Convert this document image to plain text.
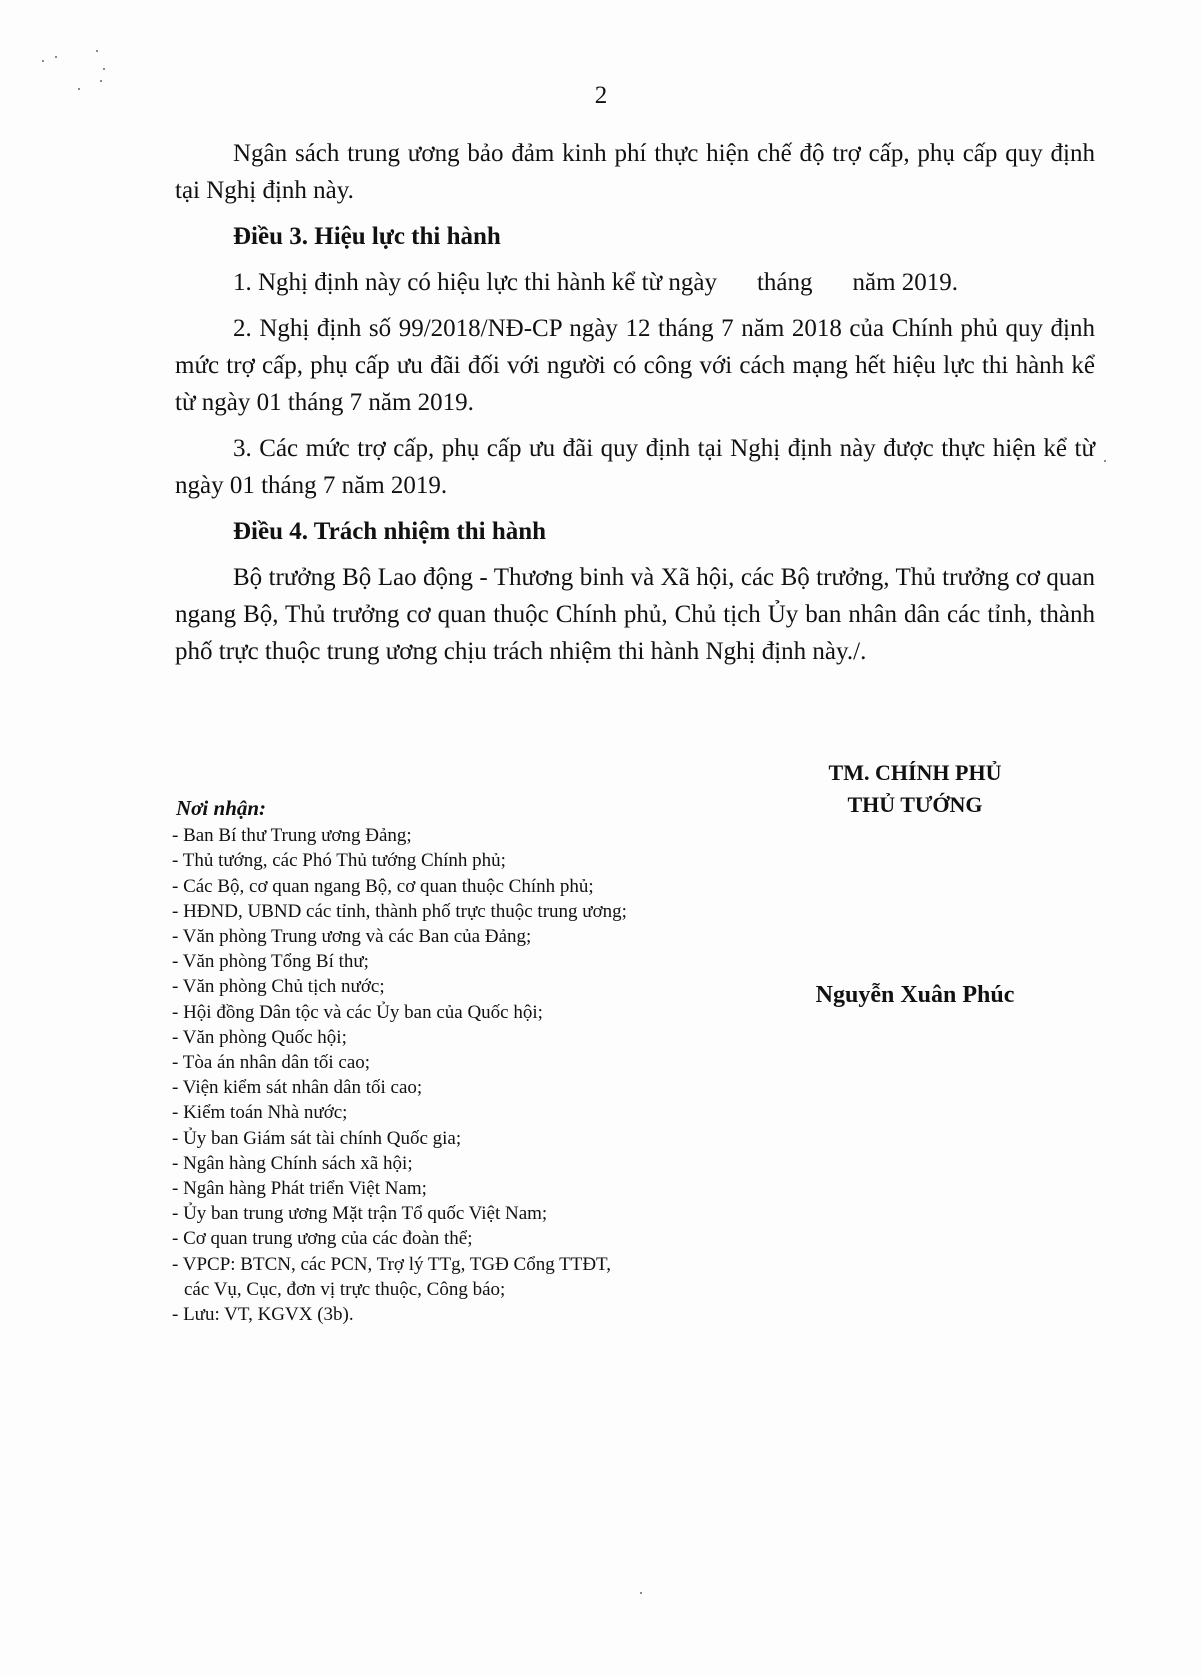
2

Ngân sách trung ương bảo đảm kinh phí thực hiện chế độ trợ cấp, phụ cấp quy định tại Nghị định này.

Điều 3. Hiệu lực thi hành

1. Nghị định này có hiệu lực thi hành kể từ ngày tháng năm 2019.

2. Nghị định số 99/2018/NĐ-CP ngày 12 tháng 7 năm 2018 của Chính phủ quy định mức trợ cấp, phụ cấp ưu đãi đối với người có công với cách mạng hết hiệu lực thi hành kể từ ngày 01 tháng 7 năm 2019.

3. Các mức trợ cấp, phụ cấp ưu đãi quy định tại Nghị định này được thực hiện kể từ ngày 01 tháng 7 năm 2019.

Điều 4. Trách nhiệm thi hành

Bộ trưởng Bộ Lao động - Thương binh và Xã hội, các Bộ trưởng, Thủ trưởng cơ quan ngang Bộ, Thủ trưởng cơ quan thuộc Chính phủ, Chủ tịch Ủy ban nhân dân các tỉnh, thành phố trực thuộc trung ương chịu trách nhiệm thi hành Nghị định này./.

TM. CHÍNH PHỦ
THỦ TƯỚNG
Nguyễn Xuân Phúc
Nơi nhận:
- Ban Bí thư Trung ương Đảng;
- Thủ tướng, các Phó Thủ tướng Chính phủ;
- Các Bộ, cơ quan ngang Bộ, cơ quan thuộc Chính phủ;
- HĐND, UBND các tỉnh, thành phố trực thuộc trung ương;
- Văn phòng Trung ương và các Ban của Đảng;
- Văn phòng Tổng Bí thư;
- Văn phòng Chủ tịch nước;
- Hội đồng Dân tộc và các Ủy ban của Quốc hội;
- Văn phòng Quốc hội;
- Tòa án nhân dân tối cao;
- Viện kiểm sát nhân dân tối cao;
- Kiểm toán Nhà nước;
- Ủy ban Giám sát tài chính Quốc gia;
- Ngân hàng Chính sách xã hội;
- Ngân hàng Phát triển Việt Nam;
- Ủy ban trung ương Mặt trận Tổ quốc Việt Nam;
- Cơ quan trung ương của các đoàn thể;
- VPCP: BTCN, các PCN, Trợ lý TTg, TGĐ Cổng TTĐT,
các Vụ, Cục, đơn vị trực thuộc, Công báo;
- Lưu: VT, KGVX (3b).
